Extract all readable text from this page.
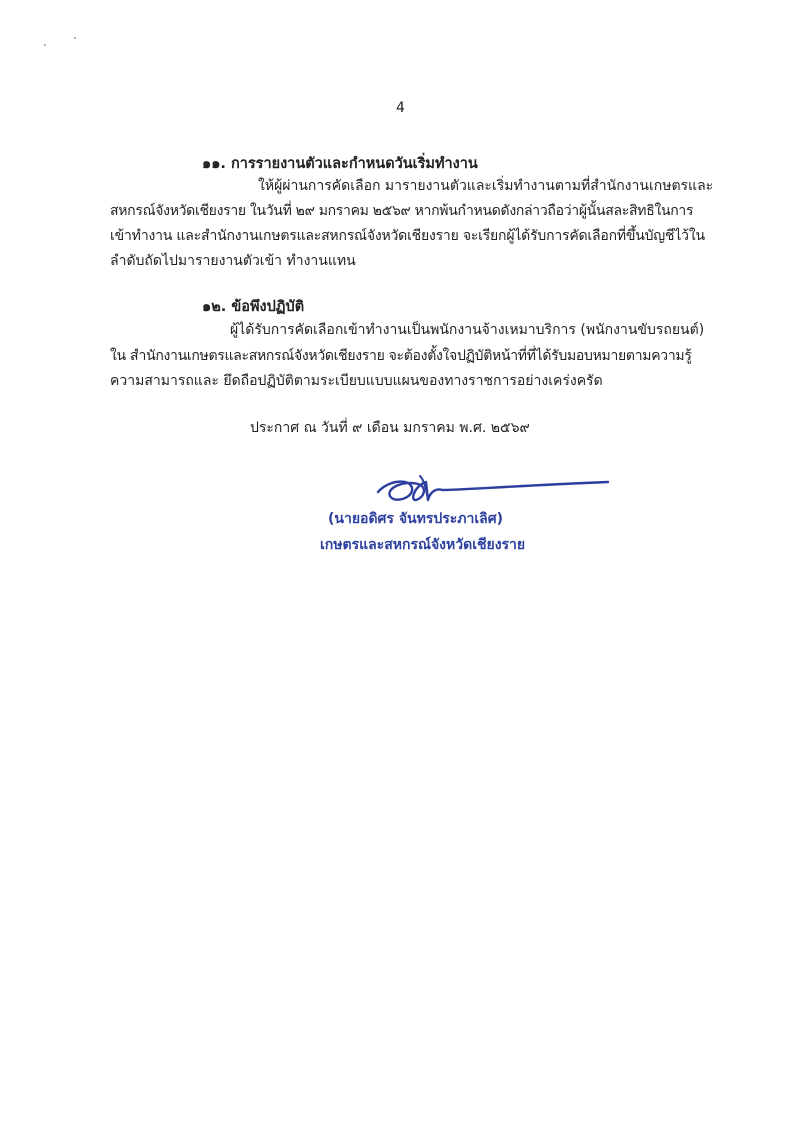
4
๑๑. การรายงานตัวและกำหนดวันเริ่มทำงาน
ให้ผู้ผ่านการคัดเลือก มารายงานตัวและเริ่มทำงานตามที่สำนักงานเกษตรและ
สหกรณ์จังหวัดเชียงราย ในวันที่ ๒๙ มกราคม ๒๕๖๙ หากพ้นกำหนดดังกล่าวถือว่าผู้นั้นสละสิทธิในการ
เข้าทำงาน และสำนักงานเกษตรและสหกรณ์จังหวัดเชียงราย จะเรียกผู้ได้รับการคัดเลือกที่ขึ้นบัญชีไว้ใน
ลำดับถัดไปมารายงานตัวเข้า ทำงานแทน
๑๒. ข้อพึงปฏิบัติ
ผู้ได้รับการคัดเลือกเข้าทำงานเป็นพนักงานจ้างเหมาบริการ (พนักงานขับรถยนต์)
ใน สำนักงานเกษตรและสหกรณ์จังหวัดเชียงราย จะต้องตั้งใจปฏิบัติหน้าที่ที่ได้รับมอบหมายตามความรู้
ความสามารถและ ยึดถือปฏิบัติตามระเบียบแบบแผนของทางราชการอย่างเคร่งครัด
ประกาศ ณ วันที่ ๙ เดือน มกราคม พ.ศ. ๒๕๖๙
(นายอดิศร จันทรประภาเลิศ)
เกษตรและสหกรณ์จังหวัดเชียงราย
